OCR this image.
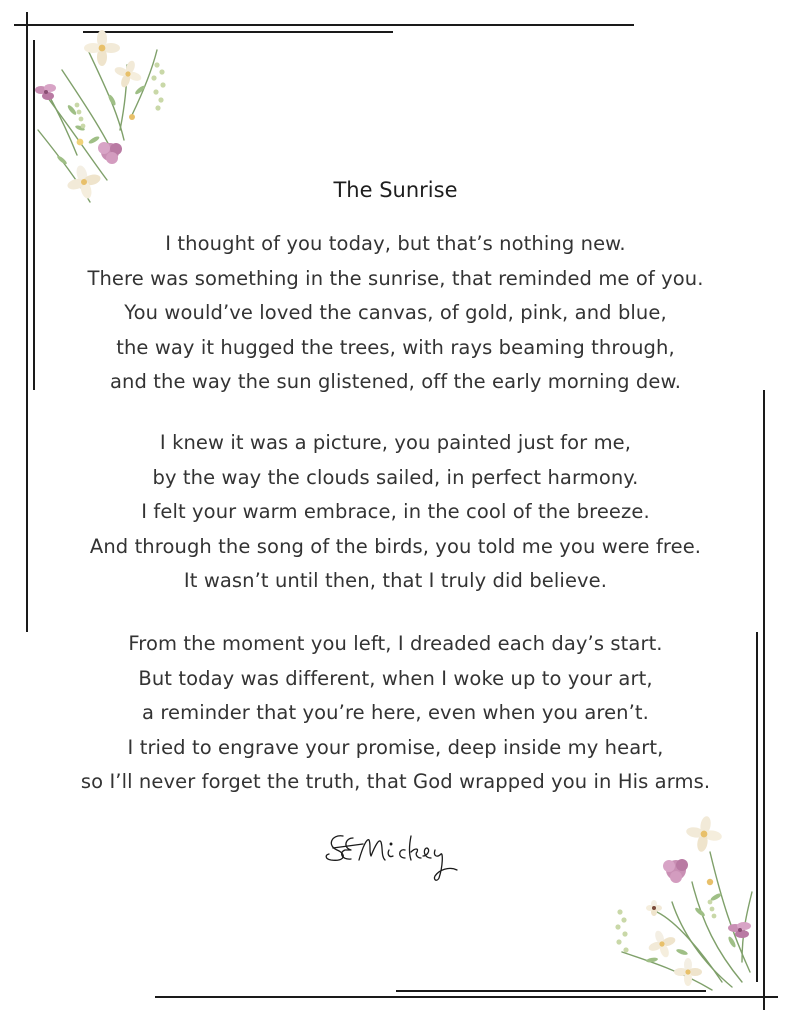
The Sunrise
I thought of you today, but that’s nothing new.
There was something in the sunrise, that reminded me of you.
You would’ve loved the canvas, of gold, pink, and blue,
the way it hugged the trees, with rays beaming through,
and the way the sun glistened, off the early morning dew.
I knew it was a picture, you painted just for me,
by the way the clouds sailed, in perfect harmony.
I felt your warm embrace, in the cool of the breeze.
And through the song of the birds, you told me you were free.
It wasn’t until then, that I truly did believe.
From the moment you left, I dreaded each day’s start.
But today was different, when I woke up to your art,
a reminder that you’re here, even when you aren’t.
I tried to engrave your promise, deep inside my heart,
so I’ll never forget the truth, that God wrapped you in His arms.
